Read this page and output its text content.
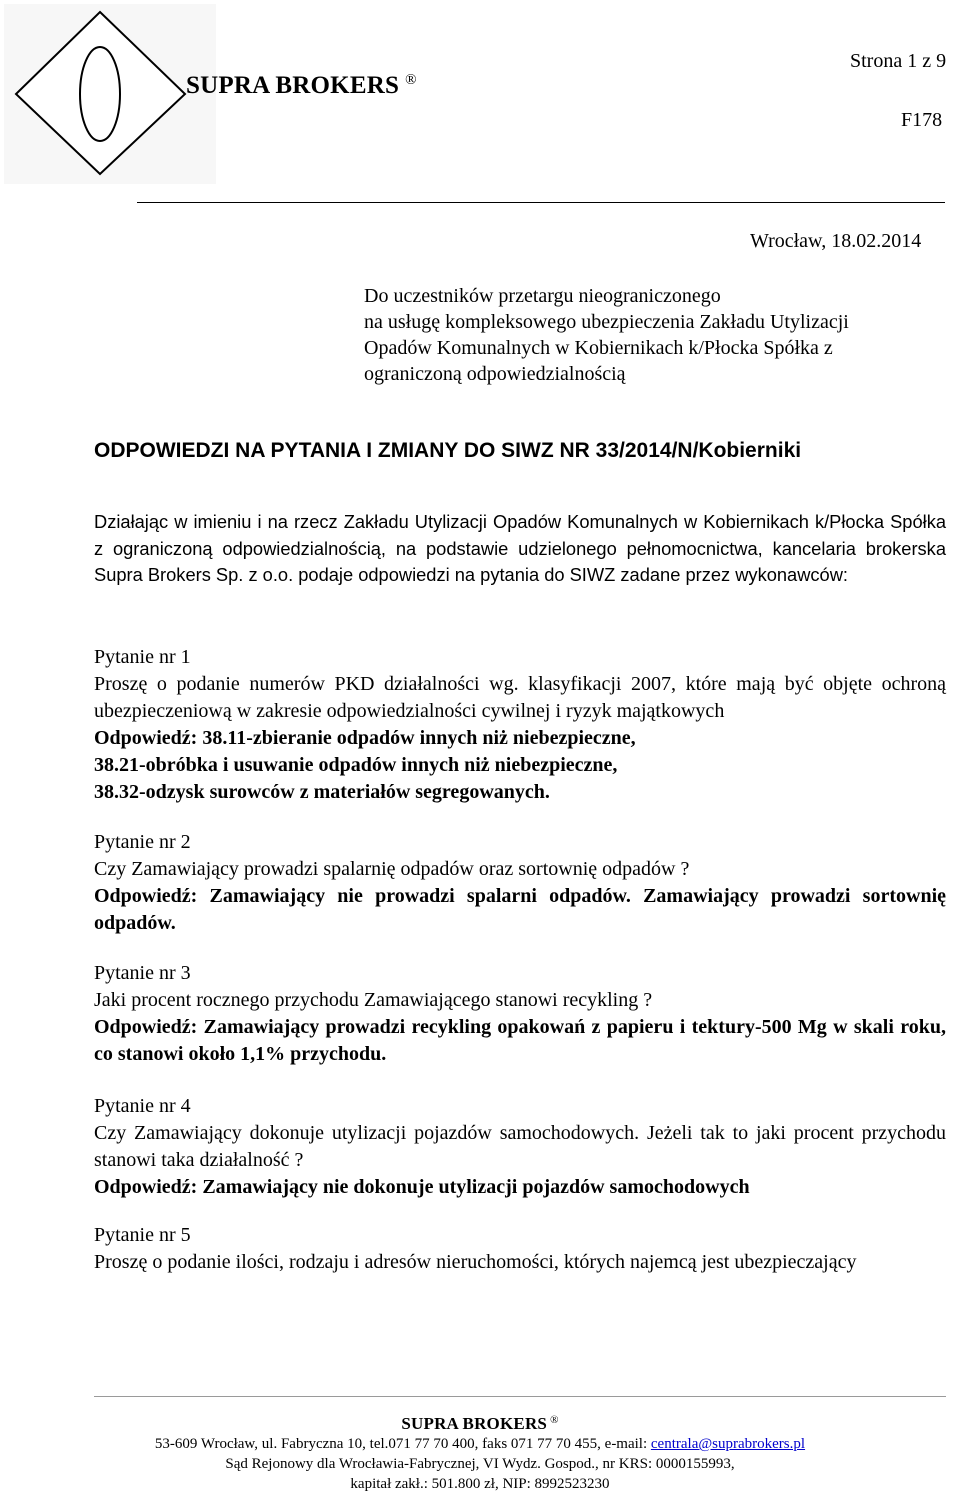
SUPRA BROKERS ®
Strona 1 z 9
F178
Wrocław, 18.02.2014
Do uczestników przetargu nieograniczonego
na usługę kompleksowego ubezpieczenia Zakładu Utylizacji
Opadów Komunalnych w Kobiernikach k/Płocka Spółka z
ograniczoną odpowiedzialnością
ODPOWIEDZI NA PYTANIA I ZMIANY DO SIWZ NR 33/2014/N/Kobierniki
Działając w imieniu i na rzecz Zakładu Utylizacji Opadów Komunalnych w Kobiernikach k/Płocka Spółka z ograniczoną odpowiedzialnością, na podstawie udzielonego pełnomocnictwa, kancelaria brokerska Supra Brokers Sp. z o.o. podaje odpowiedzi na pytania do SIWZ zadane przez wykonawców:
Pytanie nr 1
Proszę o podanie numerów PKD działalności wg. klasyfikacji 2007, które mają być objęte ochroną ubezpieczeniową w zakresie odpowiedzialności cywilnej i ryzyk majątkowych
Odpowiedź: 38.11-zbieranie odpadów innych niż niebezpieczne,
38.21-obróbka i usuwanie odpadów innych niż niebezpieczne,
38.32-odzysk surowców z materiałów segregowanych.
Pytanie nr 2
Czy Zamawiający prowadzi spalarnię odpadów oraz sortownię odpadów ?
Odpowiedź: Zamawiający nie prowadzi spalarni odpadów. Zamawiający prowadzi sortownię odpadów.
Pytanie nr 3
Jaki procent rocznego przychodu Zamawiającego stanowi recykling ?
Odpowiedź: Zamawiający prowadzi recykling opakowań z papieru i tektury-500 Mg w skali roku, co stanowi około 1,1% przychodu.
Pytanie nr 4
Czy Zamawiający dokonuje utylizacji pojazdów samochodowych. Jeżeli tak to jaki procent przychodu stanowi taka działalność ?
Odpowiedź: Zamawiający nie dokonuje utylizacji pojazdów samochodowych
Pytanie nr 5
Proszę o podanie ilości, rodzaju i adresów nieruchomości, których najemcą jest ubezpieczający
SUPRA BROKERS ®
53-609 Wrocław, ul. Fabryczna 10, tel.071 77 70 400, faks 071 77 70 455, e-mail: centrala@suprabrokers.pl
Sąd Rejonowy dla Wrocławia-Fabrycznej, VI Wydz. Gospod., nr KRS: 0000155993,
kapitał zakł.: 501.800 zł, NIP: 8992523230
